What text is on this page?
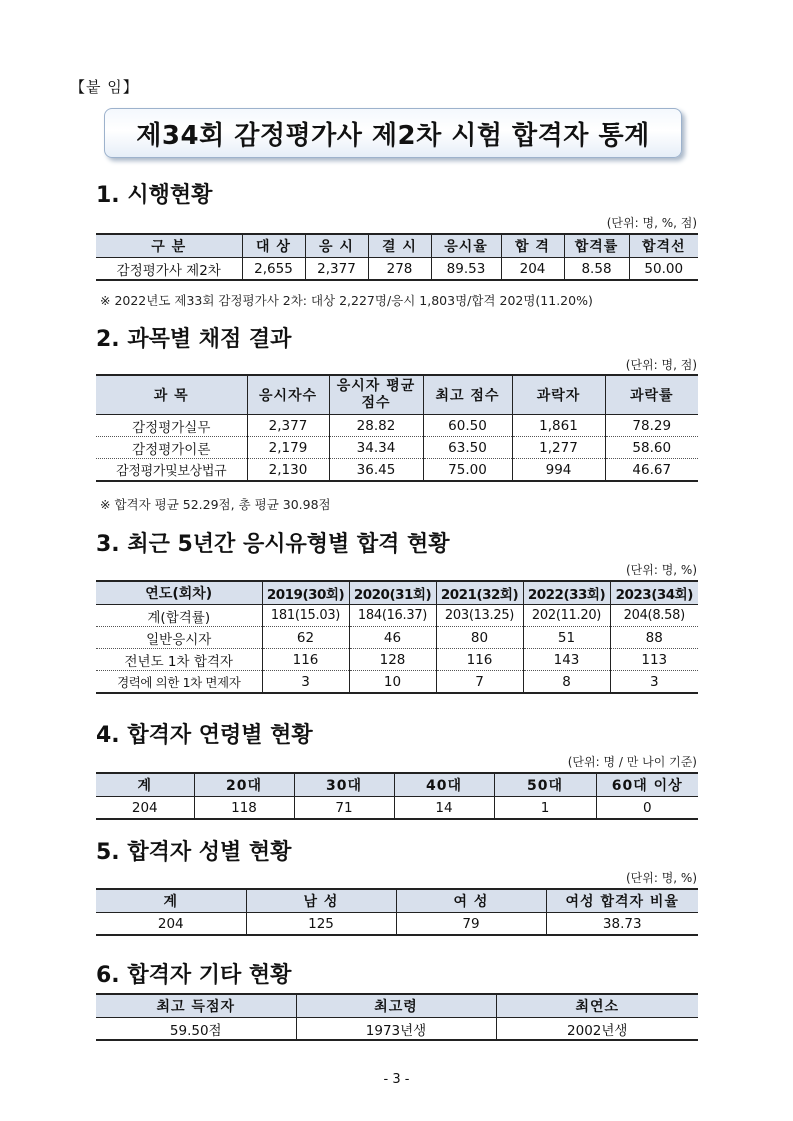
【붙 임】
제34회 감정평가사 제2차 시험 합격자 통계
1. 시행현황
(단위: 명, %, 점)
구 분	대 상	응 시	결 시	응시율	합 격	합격률	합격선
감정평가사 제2차	2,655	2,377	278	89.53	204	8.58	50.00
※ 2022년도 제33회 감정평가사 2차: 대상 2,227명/응시 1,803명/합격 202명(11.20%)
2. 과목별 채점 결과
(단위: 명, 점)
과 목	응시자수	응시자 평균 점수	최고 점수	과락자	과락률
감정평가실무	2,377	28.82	60.50	1,861	78.29
감정평가이론	2,179	34.34	63.50	1,277	58.60
감정평가및보상법규	2,130	36.45	75.00	994	46.67
※ 합격자 평균 52.29점, 총 평균 30.98점
3. 최근 5년간 응시유형별 합격 현황
(단위: 명, %)
연도(회차)	2019(30회)	2020(31회)	2021(32회)	2022(33회)	2023(34회)
계(합격률)	181(15.03)	184(16.37)	203(13.25)	202(11.20)	204(8.58)
일반응시자	62	46	80	51	88
전년도 1차 합격자	116	128	116	143	113
경력에 의한 1차 면제자	3	10	7	8	3
4. 합격자 연령별 현황
(단위: 명 / 만 나이 기준)
계	20대	30대	40대	50대	60대 이상
204	118	71	14	1	0
5. 합격자 성별 현황
(단위: 명, %)
계	남 성	여 성	여성 합격자 비율
204	125	79	38.73
6. 합격자 기타 현황
최고 득점자	최고령	최연소
59.50점	1973년생	2002년생
- 3 -
